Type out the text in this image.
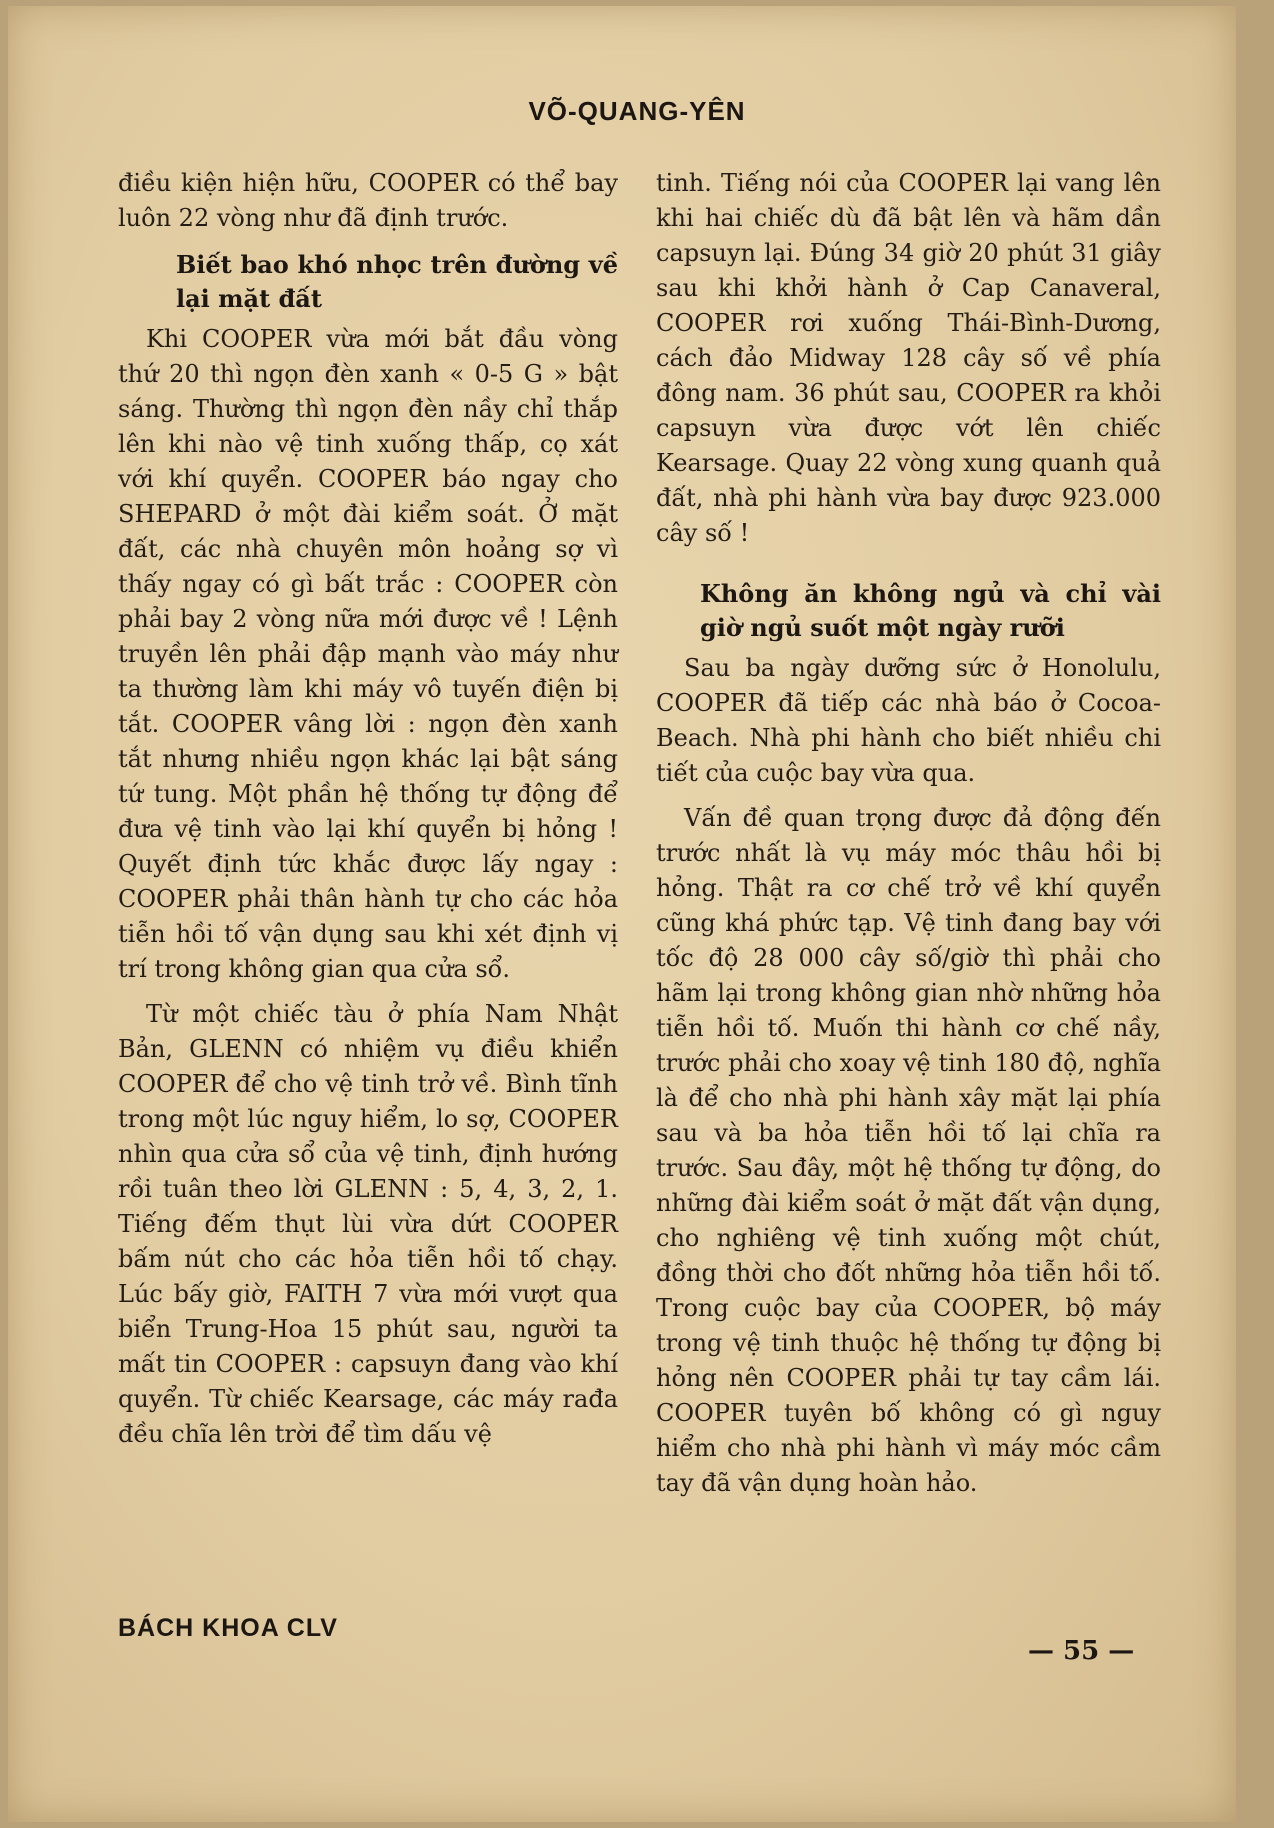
VÕ-QUANG-YÊN

điều kiện hiện hữu, COOPER có thể bay luôn 22 vòng như đã định trước.

Biết bao khó nhọc trên đường về lại mặt đất

Khi COOPER vừa mới bắt đầu vòng thứ 20 thì ngọn đèn xanh « 0-5 G » bật sáng. Thường thì ngọn đèn nầy chỉ thắp lên khi nào vệ tinh xuống thấp, cọ xát với khí quyển. COOPER báo ngay cho SHEPARD ở một đài kiểm soát. Ở mặt đất, các nhà chuyên môn hoảng sợ vì thấy ngay có gì bất trắc : COOPER còn phải bay 2 vòng nữa mới được về ! Lệnh truyền lên phải đập mạnh vào máy như ta thường làm khi máy vô tuyến điện bị tắt. COOPER vâng lời : ngọn đèn xanh tắt nhưng nhiều ngọn khác lại bật sáng tứ tung. Một phần hệ thống tự động để đưa vệ tinh vào lại khí quyển bị hỏng ! Quyết định tức khắc được lấy ngay : COOPER phải thân hành tự cho các hỏa tiễn hồi tố vận dụng sau khi xét định vị trí trong không gian qua cửa sổ.

Từ một chiếc tàu ở phía Nam Nhật Bản, GLENN có nhiệm vụ điều khiển COOPER để cho vệ tinh trở về. Bình tĩnh trong một lúc nguy hiểm, lo sợ, COOPER nhìn qua cửa sổ của vệ tinh, định hướng rồi tuân theo lời GLENN : 5, 4, 3, 2, 1. Tiếng đếm thụt lùi vừa dứt COOPER bấm nút cho các hỏa tiễn hồi tố chạy. Lúc bấy giờ, FAITH 7 vừa mới vượt qua biển Trung-Hoa 15 phút sau, người ta mất tin COOPER : capsuyn đang vào khí quyển. Từ chiếc Kearsage, các máy rađa đều chĩa lên trời để tìm dấu vệ

tinh. Tiếng nói của COOPER lại vang lên khi hai chiếc dù đã bật lên và hãm dần capsuyn lại. Đúng 34 giờ 20 phút 31 giây sau khi khởi hành ở Cap Canaveral, COOPER rơi xuống Thái-Bình-Dương, cách đảo Midway 128 cây số về phía đông nam. 36 phút sau, COOPER ra khỏi capsuyn vừa được vớt lên chiếc Kearsage. Quay 22 vòng xung quanh quả đất, nhà phi hành vừa bay được 923.000 cây số !

Không ăn không ngủ và chỉ vài giờ ngủ suốt một ngày rưỡi

Sau ba ngày dưỡng sức ở Honolulu, COOPER đã tiếp các nhà báo ở Cocoa-Beach. Nhà phi hành cho biết nhiều chi tiết của cuộc bay vừa qua.

Vấn đề quan trọng được đả động đến trước nhất là vụ máy móc thâu hồi bị hỏng. Thật ra cơ chế trở về khí quyển cũng khá phức tạp. Vệ tinh đang bay với tốc độ 28 000 cây số/giờ thì phải cho hãm lại trong không gian nhờ những hỏa tiễn hồi tố. Muốn thi hành cơ chế nầy, trước phải cho xoay vệ tinh 180 độ, nghĩa là để cho nhà phi hành xây mặt lại phía sau và ba hỏa tiễn hồi tố lại chĩa ra trước. Sau đây, một hệ thống tự động, do những đài kiểm soát ở mặt đất vận dụng, cho nghiêng vệ tinh xuống một chút, đồng thời cho đốt những hỏa tiễn hồi tố. Trong cuộc bay của COOPER, bộ máy trong vệ tinh thuộc hệ thống tự động bị hỏng nên COOPER phải tự tay cầm lái. COOPER tuyên bố không có gì nguy hiểm cho nhà phi hành vì máy móc cầm tay đã vận dụng hoàn hảo.

BÁCH KHOA CLV
— 55 —
